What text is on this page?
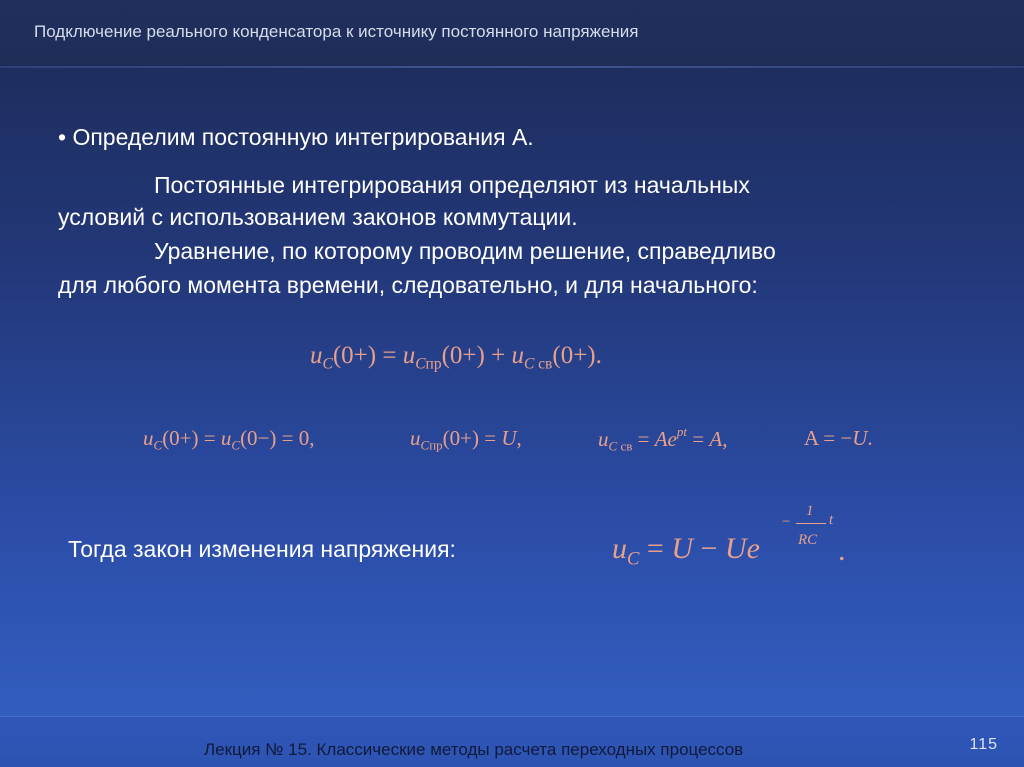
Подключение реального конденсатора к источнику постоянного напряжения
• Определим постоянную интегрирования А.
Постоянные интегрирования определяют из начальных
условий с использованием законов коммутации.
Уравнение, по которому проводим решение, справедливо
для любого момента времени, следовательно, и для начального:
$u_C(0+) = u_{Cпр}(0+) + u_{C св}(0+)$.
$u_C(0+) = u_C(0-) = 0$,	$u_{Cпр}(0+) = U$,	$u_{C св} = Ae^{pt} = A$,	A = −U.
Тогда закон изменения напряжения:	$u_C = U - Ue$
−
1
RC
t
.
Лекция № 15. Классические методы расчета переходных процессов	115
